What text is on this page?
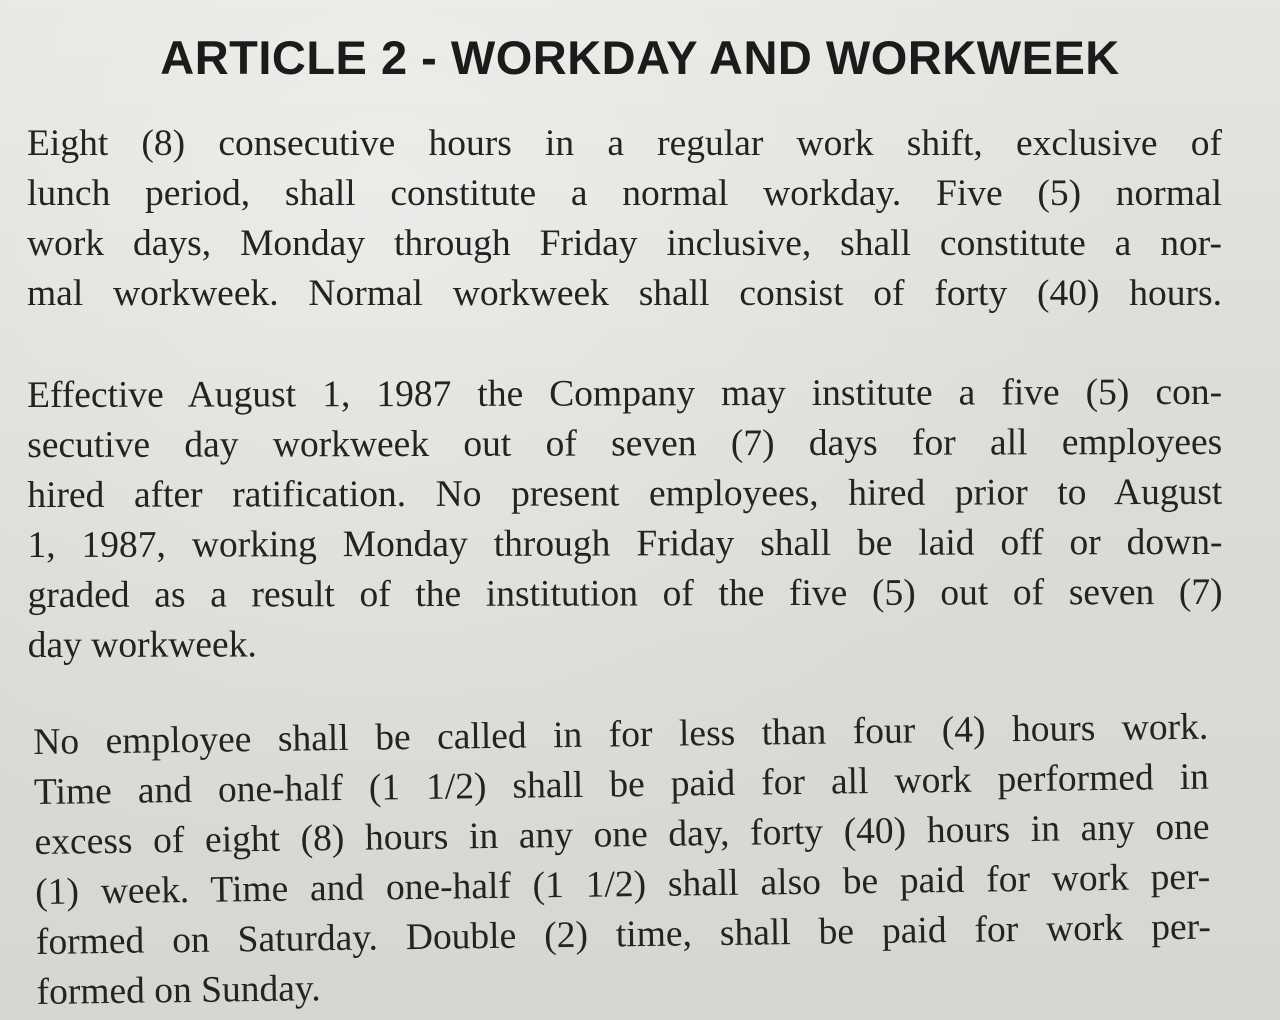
ARTICLE 2 - WORKDAY AND WORKWEEK

Eight (8) consecutive hours in a regular work shift, exclusive of
lunch period, shall constitute a normal workday. Five (5) normal
work days, Monday through Friday inclusive, shall constitute a nor-
mal workweek. Normal workweek shall consist of forty (40) hours.

Effective August 1, 1987 the Company may institute a five (5) con-
secutive day workweek out of seven (7) days for all employees
hired after ratification. No present employees, hired prior to August
1, 1987, working Monday through Friday shall be laid off or down-
graded as a result of the institution of the five (5) out of seven (7)
day workweek.

No employee shall be called in for less than four (4) hours work.
Time and one-half (1 1/2) shall be paid for all work performed in
excess of eight (8) hours in any one day, forty (40) hours in any one
(1) week. Time and one-half (1 1/2) shall also be paid for work per-
formed on Saturday. Double (2) time, shall be paid for work per-
formed on Sunday.
